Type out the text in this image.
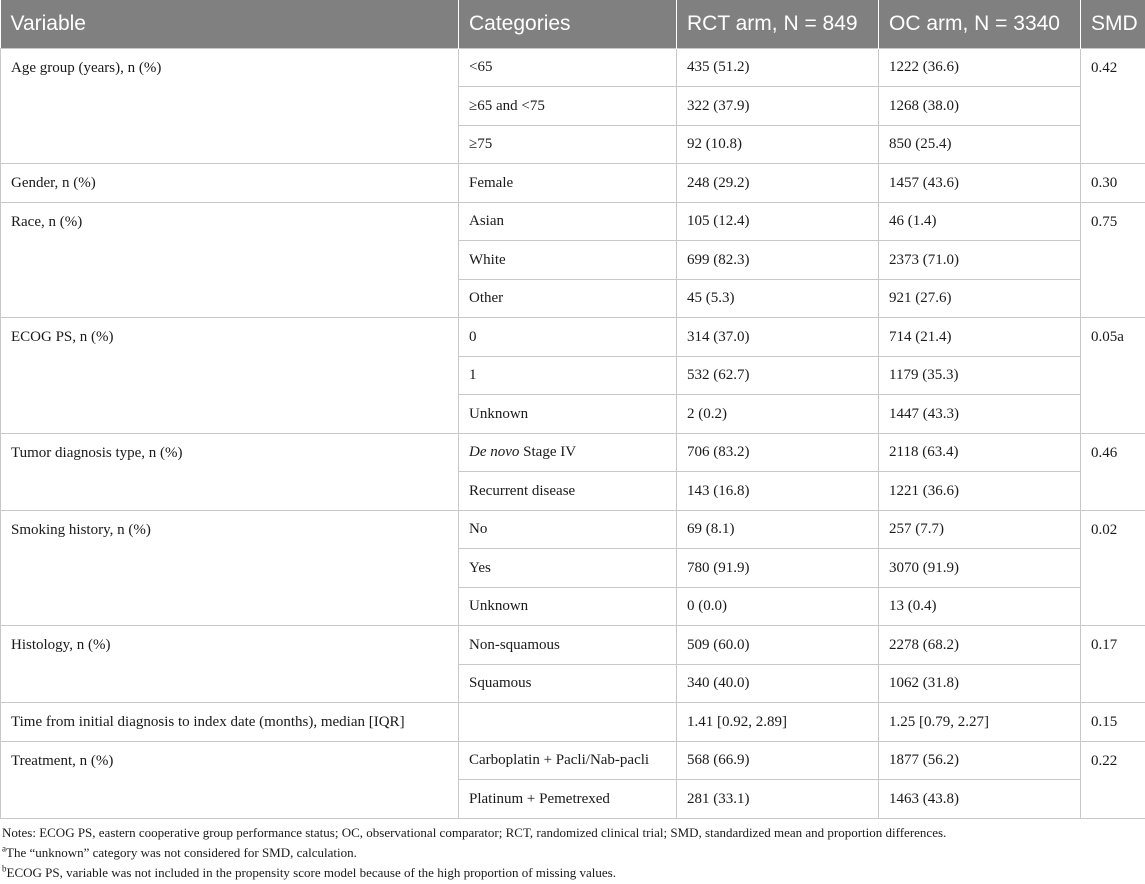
Variable	Categories	RCT arm, N = 849	OC arm, N = 3340	SMD
Age group (years), n (%)	<65	435 (51.2)	1222 (36.6)	0.42
	≥65 and <75	322 (37.9)	1268 (38.0)	
	≥75	92 (10.8)	850 (25.4)	
Gender, n (%)	Female	248 (29.2)	1457 (43.6)	0.30
Race, n (%)	Asian	105 (12.4)	46 (1.4)	0.75
	White	699 (82.3)	2373 (71.0)	
	Other	45 (5.3)	921 (27.6)	
ECOG PS, n (%)	0	314 (37.0)	714 (21.4)	0.05a
	1	532 (62.7)	1179 (35.3)	
	Unknown	2 (0.2)	1447 (43.3)	
Tumor diagnosis type, n (%)	De novo Stage IV	706 (83.2)	2118 (63.4)	0.46
	Recurrent disease	143 (16.8)	1221 (36.6)	
Smoking history, n (%)	No	69 (8.1)	257 (7.7)	0.02
	Yes	780 (91.9)	3070 (91.9)	
	Unknown	0 (0.0)	13 (0.4)	
Histology, n (%)	Non-squamous	509 (60.0)	2278 (68.2)	0.17
	Squamous	340 (40.0)	1062 (31.8)	
Time from initial diagnosis to index date (months), median [IQR]		1.41 [0.92, 2.89]	1.25 [0.79, 2.27]	0.15
Treatment, n (%)	Carboplatin + Pacli/Nab-pacli	568 (66.9)	1877 (56.2)	0.22
	Platinum + Pemetrexed	281 (33.1)	1463 (43.8)	

Notes: ECOG PS, eastern cooperative group performance status; OC, observational comparator; RCT, randomized clinical trial; SMD, standardized mean and proportion differences.

$^a$The “unknown” category was not considered for SMD, calculation.

$^b$ECOG PS, variable was not included in the propensity score model because of the high proportion of missing values.
